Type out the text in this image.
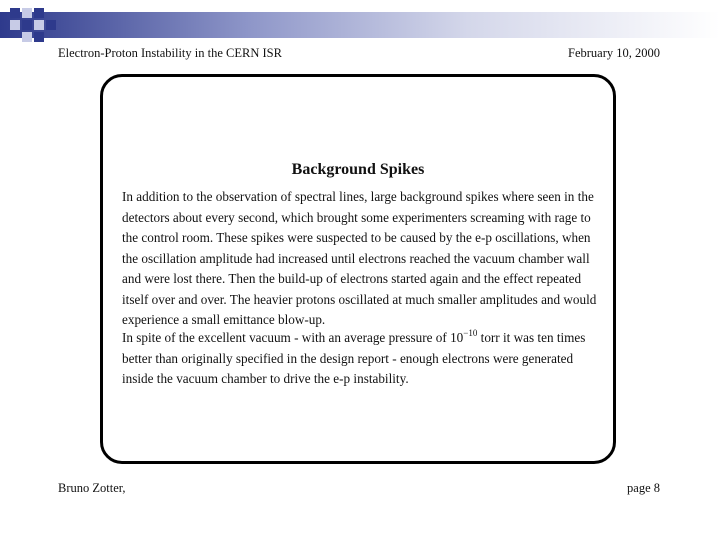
Electron-Proton Instability in the CERN ISR	February 10, 2000
Background Spikes
In addition to the observation of spectral lines, large background spikes where seen in the detectors about every second, which brought some experimenters screaming with rage to the control room. These spikes were suspected to be caused by the e-p oscillations, when the oscillation amplitude had increased until electrons reached the vacuum chamber wall and were lost there. Then the build-up of electrons started again and the effect repeated itself over and over. The heavier protons oscillated at much smaller amplitudes and would experience a small emittance blow-up.
In spite of the excellent vacuum - with an average pressure of $10^{-10}$ torr it was ten times better than originally specified in the design report - enough electrons were generated inside the vacuum chamber to drive the e-p instability.
Bruno Zotter,	page 8
